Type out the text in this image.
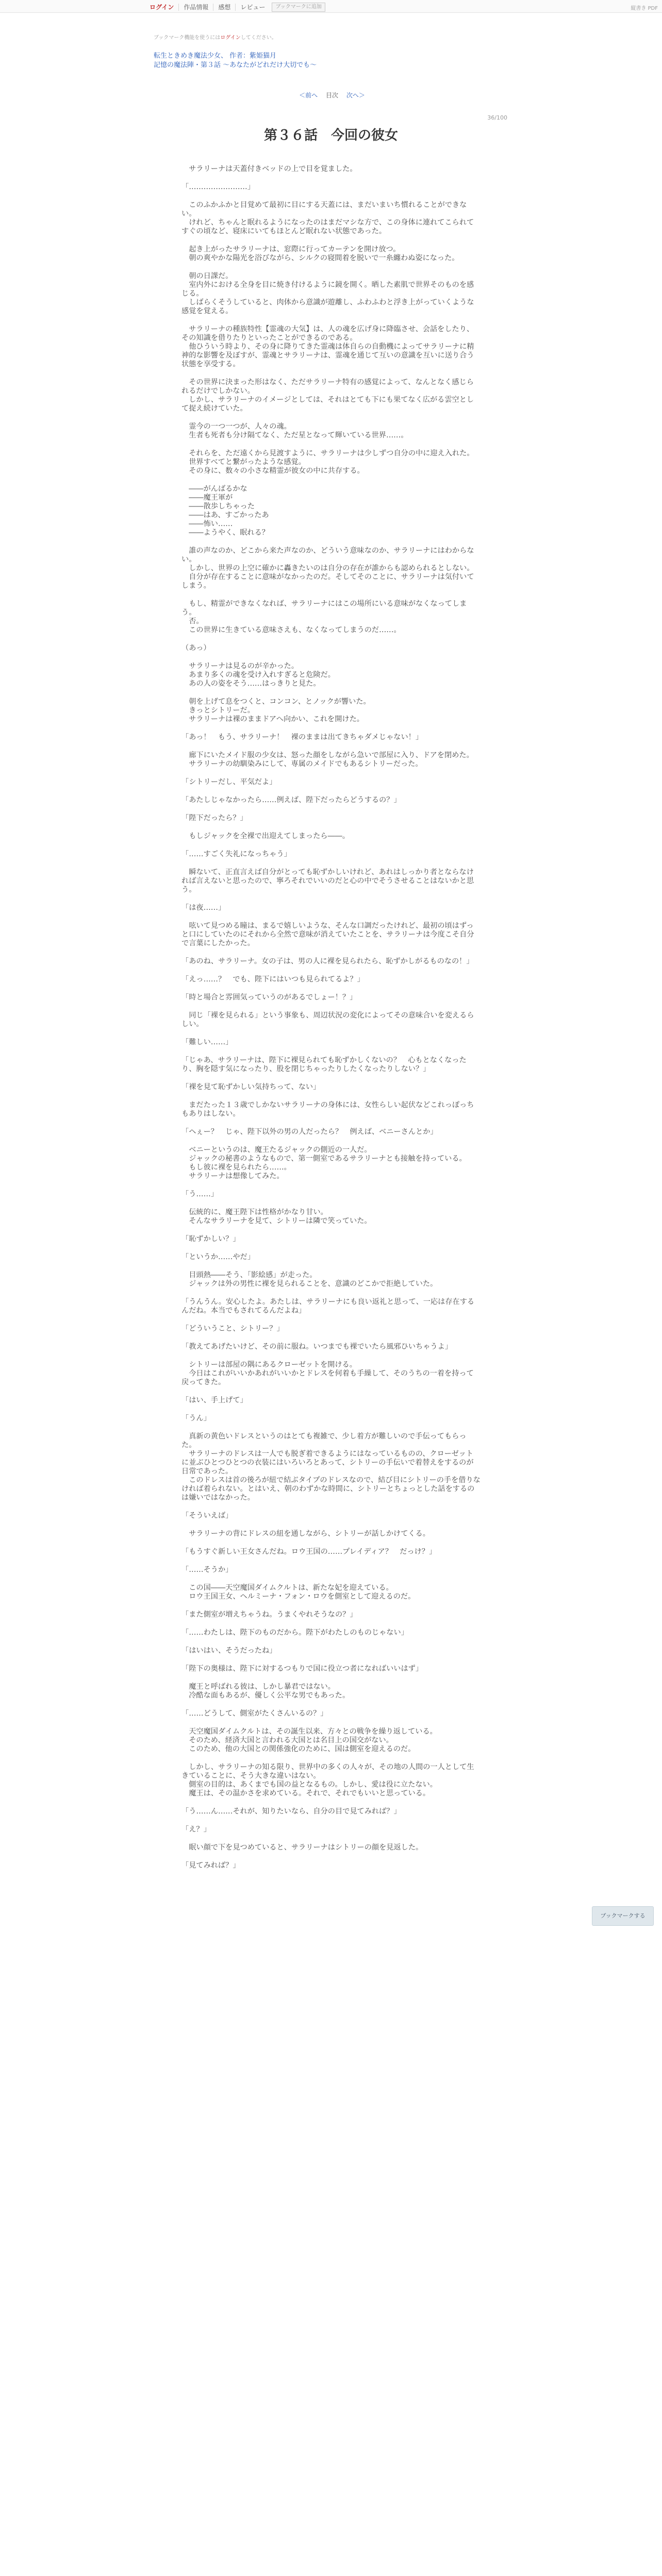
ログイン	作品情報	感想	レビュー	ブックマークに追加	縦書き PDF
ブックマーク機能を使うにはログインしてください。
転生ときめき魔法少女、 作者：紫姫猫月
記憶の魔法陣・第３話 〜あなたがどれだけ大切でも〜
＜前へ 目次 次へ＞
36/100
第３６話　今回の彼女

　サラリーナは天蓋付きベッドの上で目を覚ました。

「……………………」

　このふかふかと目覚めて最初に目にする天蓋には、まだいまいち慣れることができない。
　けれど、ちゃんと眠れるようになったのはまだマシな方で、この身体に連れてこられてすぐの頃など、寝床にいてもほとんど眠れない状態であった。

　起き上がったサラリーナは、窓際に行ってカーテンを開け放つ。
　朝の爽やかな陽光を浴びながら、シルクの寝間着を脱いで一糸纏わぬ姿になった。

　朝の日課だ。
　室内外における全身を目に焼き付けるように鏡を開く。晒した素肌で世界そのものを感じる。
　しばらくそうしていると、肉体から意識が遊離し、ふわふわと浮き上がっていくような感覚を覚える。

　サラリーナの種族特性【霊魂の大気】は、人の魂を広げ身に降臨させ、会話をしたり、その知識を借りたりといったことができるのである。
　他ひういう時より、その身に降りてきた霊魂は体自らの自動機によってサラリーナに精神的な影響を及ぼすが、霊魂とサラリーナは、霊魂を通じて互いの意識を互いに送り合う状態を享受する。

　その世界に決まった形はなく、ただサラリーナ特有の感覚によって、なんとなく感じられるだけでしかない。
　しかし、サラリーナのイメージとしては、それはとても下にも果てなく広がる雲空として捉え続けていた。

　霊今の一つ一つが、人々の魂。
　生者も死者も分け隔てなく、ただ星となって輝いている世界……。

　それらを、ただ遠くから見渡すように、サラリーナは少しずつ自分の中に迎え入れた。
　世界すべてと繋がったような感覚。
　その身に、数々の小さな精霊が彼女の中に共存する。

　――がんばるかな
　――魔王軍が
　――散歩しちゃった
　――はあ、すごかったあ
　――怖い……
　――ようやく、眠れる？

　誰の声なのか、どこから来た声なのか、どういう意味なのか、サラリーナにはわからない。
　しかし、世界の上空に確かに轟きたいのは自分の存在が誰からも認められるとしない。
　自分が存在することに意味がなかったのだ。そしてそのことに、サラリーナは気付いてしまう。

　もし、精霊ができなくなれば、サラリーナにはこの場所にいる意味がなくなってしまう。
　否。
　この世界に生きている意味さえも、なくなってしまうのだ……。

（あっ）

　サラリーナは見るのが辛かった。
　あまり多くの魂を受け入れすぎると危険だ。
　あの人の姿をそう……はっきりと見た。

　朝を上げて息をつくと、コンコン、とノックが響いた。
　きっとシトリーだ。
　サラリーナは裸のままドアへ向かい、これを開けた。

「あっ！　もう、サラリーナ！　裸のままは出てきちゃダメじゃない！」

　廊下にいたメイド服の少女は、怒った顔をしながら急いで部屋に入り、ドアを閉めた。
　サラリーナの幼馴染みにして、専属のメイドでもあるシトリーだった。

「シトリーだし、平気だよ」

「あたしじゃなかったら……例えば、陛下だったらどうするの？」

「陛下だったら？」

　もしジャックを全裸で出迎えてしまったら――。

「……すごく失礼になっちゃう」

　瞬ないて、正直言えば自分がとっても恥ずかしいけれど、あれはしっかり者とならなければ言えないと思ったので、寧ろそれでいいのだと心の中でそうさせることはないかと思う。

「は夜……」

　呟いて見つめる瞳は、まるで嬉しいような、そんな口調だったけれど、最初の頃はずっと口にしていたのにそれから全然で意味が消えていたことを、サラリーナは今度こそ自分で言葉にしたかった。

「あのね、サラリーナ。女の子は、男の人に裸を見られたら、恥ずかしがるものなの！」

「えっ……？　でも、陛下にはいつも見られてるよ？」

「時と場合と雰囲気っていうのがあるでしょー！？」

　同じ「裸を見られる」という事象も、周辺状況の変化によってその意味合いを変えるらしい。

「難しい……」

「じゃあ、サラリーナは、陛下に裸見られても恥ずかしくないの？　心もとなくなったり、胸を隠す気になったり、股を閉じちゃったりしたくなったりしない？」

「裸を見て恥ずかしい気持ちって、ない」

　まだたった１３歳でしかないサラリーナの身体には、女性らしい起伏などこれっぽっちもありはしない。

「ヘぇー？　じゃ、陛下以外の男の人だったら？　例えば、ベニーさんとか」

　ベニーというのは、魔王たるジャックの側近の一人だ。
　ジャックの秘書のようなもので、第一側室であるサラリーナとも接触を持っている。
　もし彼に裸を見られたら……。
　サラリーナは想像してみた。

「う……」

　伝統的に、魔王陛下は性格がかなり甘い。
　そんなサラリーナを見て、シトリーは隣で笑っていた。

「恥ずかしい？」

「というか……やだ」

　目頭熱――そう、「影絵感」が走った。
　ジャックは外の男性に裸を見られることを、意識のどこかで拒絶していた。

「うんうん。安心したよ。あたしは、サラリーナにも良い返礼と思って、一応は存在するんだね。本当でもされてるんだよね」

「どういうこと、シトリー？」

「教えてあげたいけど、その前に服ね。いつまでも裸でいたら風邪ひいちゃうよ」

　シトリーは部屋の隅にあるクローゼットを開ける。
　今日はこれがいいかあれがいいかとドレスを何着も手繰して、そのうちの一着を持って戻ってきた。

「はい、手上げて」

「うん」

　真新の黄色いドレスというのはとても複雑で、少し着方が難しいので手伝ってもらった。
　サラリーナのドレスは一人でも脱ぎ着できるようにはなっているものの、クローゼットに並ぶひとつひとつの衣装にはいろいろとあって、シトリーの手伝いで着替えをするのが日常であった。
　このドレスは首の後ろが紐で結ぶタイプのドレスなので、結び目にシトリーの手を借りなければ着られない。とはいえ、朝のわずかな時間に、シトリーとちょっとした話をするのは嫌いではなかった。

「そういえば」

　サラリーナの背にドレスの紐を通しながら、シトリーが話しかけてくる。

「もうすぐ新しい王女さんだね。ロウ王国の……プレイディア？　だっけ？」

「……そうか」

　この国――天空魔国ダイムクルトは、新たな妃を迎えている。
　ロウ王国王女、ヘルミーナ・フォン・ロウを側室として迎えるのだ。

「また側室が増えちゃうね。うまくやれそうなの？」

「……わたしは、陛下のものだから。陛下がわたしのものじゃない」

「はいはい、そうだったね」

「陛下の奥様は、陛下に対するつもりで国に役立つ者になればいいはず」

　魔王と呼ばれる彼は、しかし暴君ではない。
　冷酷な面もあるが、優しく公平な男でもあった。

「……どうして、側室がたくさんいるの？」

　天空魔国ダイムクルトは、その誕生以来、方々との戦争を繰り返している。
　そのため、経済大国と言われる大国とは名目上の国交がない。
　このため、他の大国との関係強化のために、国は側室を迎えるのだ。

　しかし、サラリーナの知る限り、世界中の多くの人々が、その地の人間の一人として生きていることに、そう大きな違いはない。
　側室の目的は、あくまでも国の益となるもの。しかし、愛は役に立たない。
　魔王は、その温かさを求めている。それで、それでもいいと思っている。

「う……ん……それが、知りたいなら、自分の目で見てみれば？」

「え？」

　眠い顔で下を見つめていると、サラリーナはシトリーの顔を見返した。

「見てみれば？」

ブックマークする
